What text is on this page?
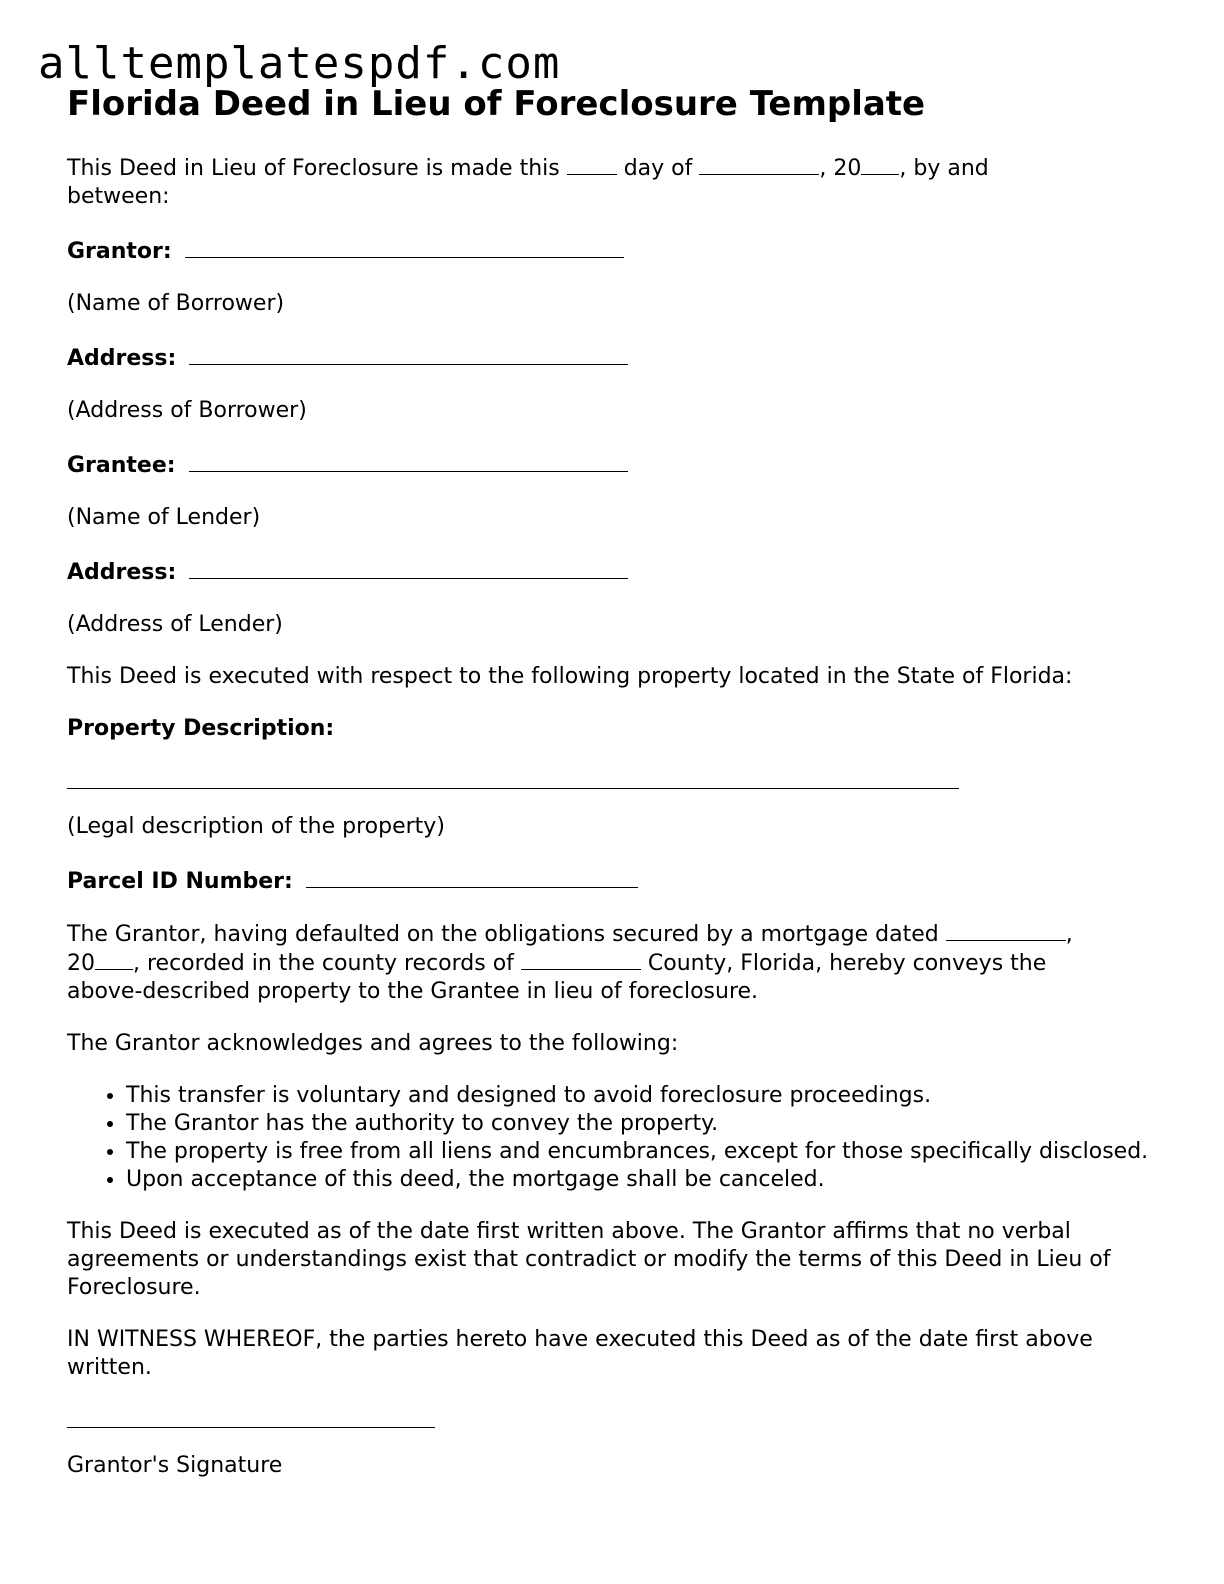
alltemplatespdf.com
Florida Deed in Lieu of Foreclosure Template

This Deed in Lieu of Foreclosure is made this	day of	, 20 , by and
between:

Grantor:

(Name of Borrower)

Address:

(Address of Borrower)

Grantee:

(Name of Lender)

Address:

(Address of Lender)

This Deed is executed with respect to the following property located in the State of Florida:

Property Description:

(Legal description of the property)

Parcel ID Number:

The Grantor, having defaulted on the obligations secured by a mortgage dated	,
20 , recorded in the county records of	County, Florida, hereby conveys the
above-described property to the Grantee in lieu of foreclosure.

The Grantor acknowledges and agrees to the following:

• This transfer is voluntary and designed to avoid foreclosure proceedings.
• The Grantor has the authority to convey the property.
• The property is free from all liens and encumbrances, except for those specifically disclosed.
• Upon acceptance of this deed, the mortgage shall be canceled.

This Deed is executed as of the date first written above. The Grantor affirms that no verbal agreements or understandings exist that contradict or modify the terms of this Deed in Lieu of Foreclosure.

IN WITNESS WHEREOF, the parties hereto have executed this Deed as of the date first above written.

Grantor's Signature
